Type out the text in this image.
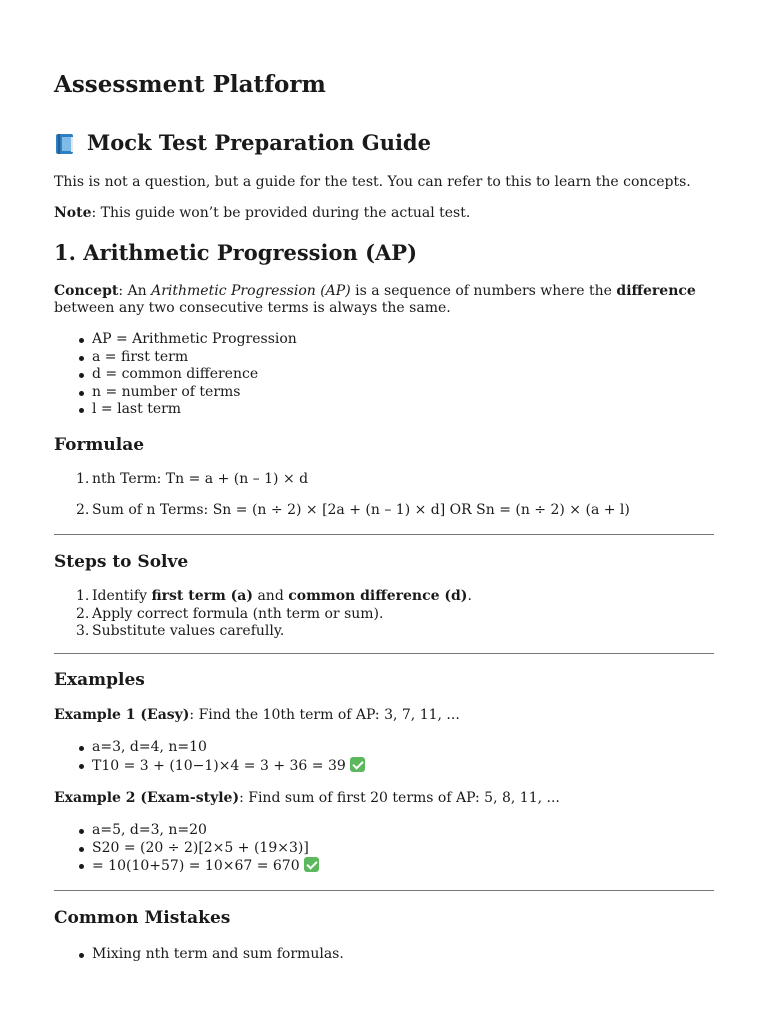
Assessment Platform
Mock Test Preparation Guide

This is not a question, but a guide for the test. You can refer to this to learn the concepts.

Note: This guide won’t be provided during the actual test.

1. Arithmetic Progression (AP)

Concept: An Arithmetic Progression (AP) is a sequence of numbers where the difference
between any two consecutive terms is always the same.

AP = Arithmetic Progression
a = first term
d = common difference
n = number of terms
l = last term
Formulae
1. nth Term: Tn = a + (n – 1) × d
2. Sum of n Terms: Sn = (n ÷ 2) × [2a + (n – 1) × d] OR Sn = (n ÷ 2) × (a + l)
Steps to Solve
1. Identify first term (a) and common difference (d).
2. Apply correct formula (nth term or sum).
3. Substitute values carefully.
Examples

Example 1 (Easy): Find the 10th term of AP: 3, 7, 11, ...

a=3, d=4, n=10
T10 = 3 + (10−1)×4 = 3 + 36 = 39

Example 2 (Exam-style): Find sum of first 20 terms of AP: 5, 8, 11, ...

a=5, d=3, n=20
S20 = (20 ÷ 2)[2×5 + (19×3)]
= 10(10+57) = 10×67 = 670
Common Mistakes
Mixing nth term and sum formulas.
